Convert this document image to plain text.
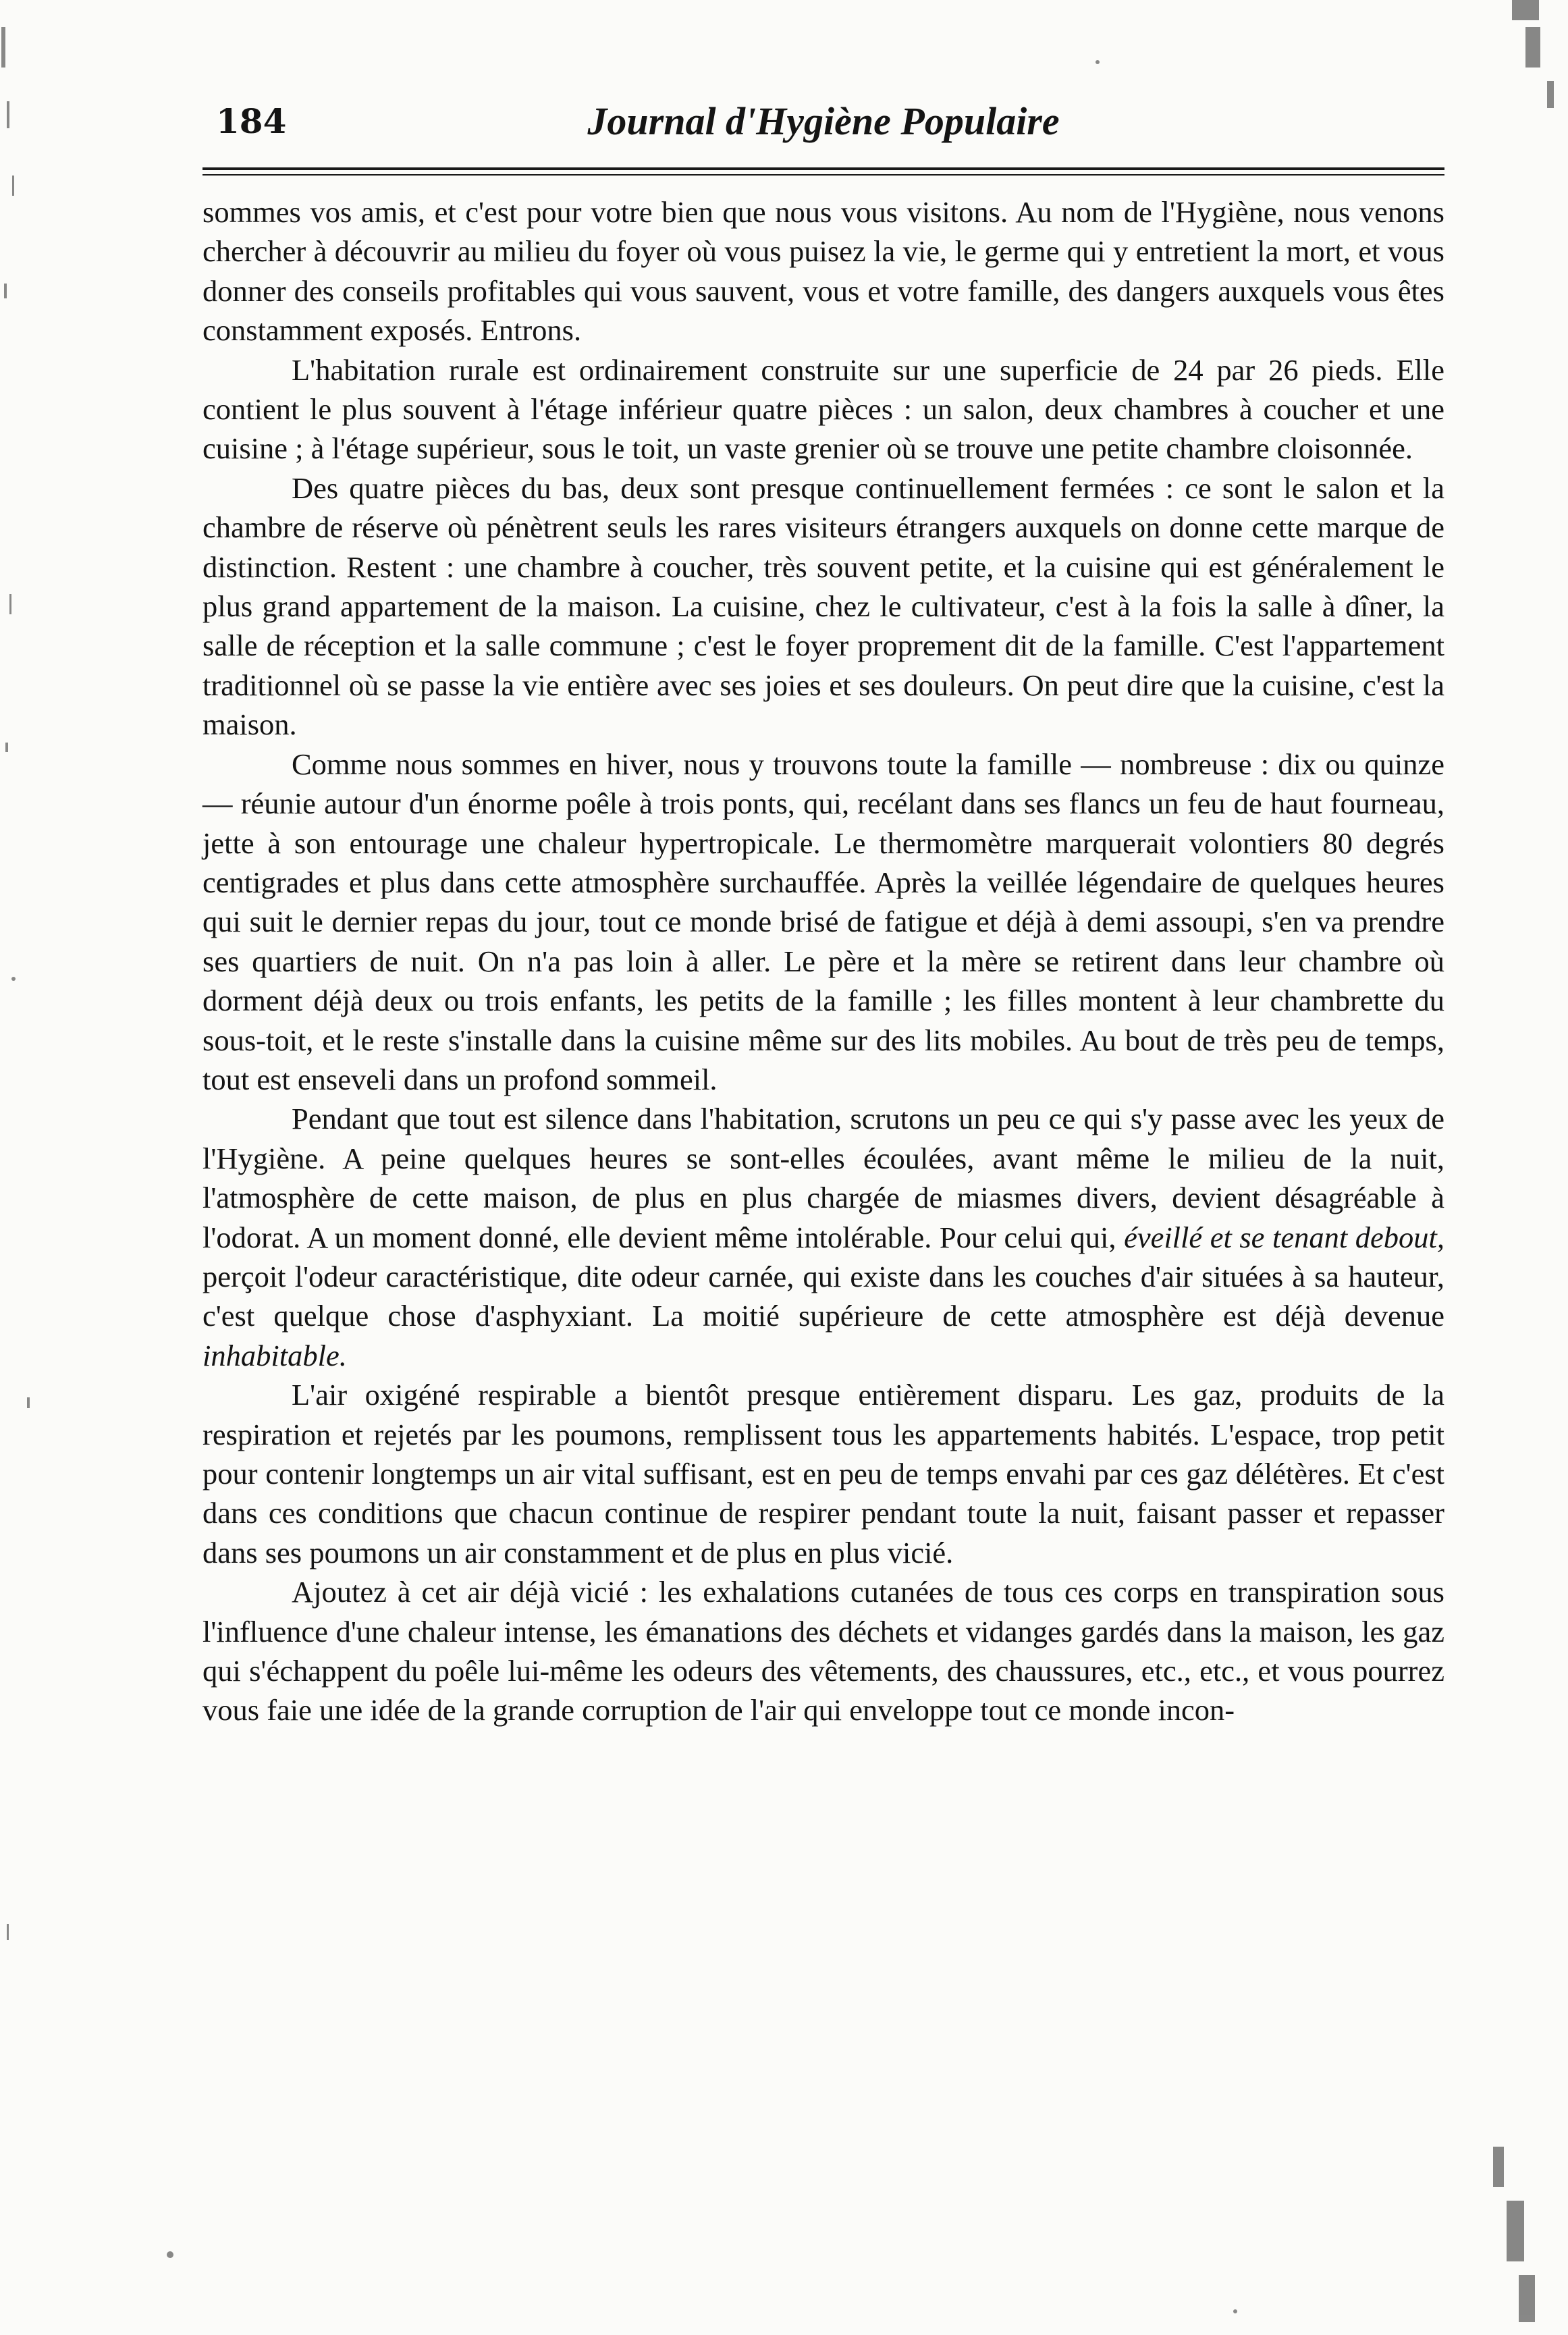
184	Journal d'Hygiène Populaire

sommes vos amis, et c'est pour votre bien que nous vous visitons. Au nom de l'Hygiène, nous venons chercher à découvrir au milieu du foyer où vous puisez la vie, le germe qui y entretient la mort, et vous donner des conseils profitables qui vous sauvent, vous et votre famille, des dangers auxquels vous êtes constamment exposés. Entrons.

L'habitation rurale est ordinairement construite sur une superficie de 24 par 26 pieds. Elle contient le plus souvent à l'étage inférieur quatre pièces : un salon, deux chambres à coucher et une cuisine ; à l'étage supérieur, sous le toit, un vaste grenier où se trouve une petite chambre cloisonnée.

Des quatre pièces du bas, deux sont presque continuellement fermées : ce sont le salon et la chambre de réserve où pénètrent seuls les rares visiteurs étrangers auxquels on donne cette marque de distinction. Restent : une chambre à coucher, très souvent petite, et la cuisine qui est généralement le plus grand appartement de la maison. La cuisine, chez le cultivateur, c'est à la fois la salle à dîner, la salle de réception et la salle commune ; c'est le foyer proprement dit de la famille. C'est l'appartement traditionnel où se passe la vie entière avec ses joies et ses douleurs. On peut dire que la cuisine, c'est la maison.

Comme nous sommes en hiver, nous y trouvons toute la famille — nombreuse : dix ou quinze — réunie autour d'un énorme poêle à trois ponts, qui, recélant dans ses flancs un feu de haut fourneau, jette à son entourage une chaleur hypertropicale. Le thermomètre marquerait volontiers 80 degrés centigrades et plus dans cette atmosphère surchauffée. Après la veillée légendaire de quelques heures qui suit le dernier repas du jour, tout ce monde brisé de fatigue et déjà à demi assoupi, s'en va prendre ses quartiers de nuit. On n'a pas loin à aller. Le père et la mère se retirent dans leur chambre où dorment déjà deux ou trois enfants, les petits de la famille ; les filles montent à leur chambrette du sous-toit, et le reste s'installe dans la cuisine même sur des lits mobiles. Au bout de très peu de temps, tout est enseveli dans un profond sommeil.

Pendant que tout est silence dans l'habitation, scrutons un peu ce qui s'y passe avec les yeux de l'Hygiène. A peine quelques heures se sont-elles écoulées, avant même le milieu de la nuit, l'atmosphère de cette maison, de plus en plus chargée de miasmes divers, devient désagréable à l'odorat. A un moment donné, elle devient même intolérable. Pour celui qui, éveillé et se tenant debout, perçoit l'odeur caractéristique, dite odeur carnée, qui existe dans les couches d'air situées à sa hauteur, c'est quelque chose d'asphyxiant. La moitié supérieure de cette atmosphère est déjà devenue inhabitable.

L'air oxigéné respirable a bientôt presque entièrement disparu. Les gaz, produits de la respiration et rejetés par les poumons, remplissent tous les appartements habités. L'espace, trop petit pour contenir longtemps un air vital suffisant, est en peu de temps envahi par ces gaz délétères. Et c'est dans ces conditions que chacun continue de respirer pendant toute la nuit, faisant passer et repasser dans ses poumons un air constamment et de plus en plus vicié.

Ajoutez à cet air déjà vicié : les exhalations cutanées de tous ces corps en transpiration sous l'influence d'une chaleur intense, les émanations des déchets et vidanges gardés dans la maison, les gaz qui s'échappent du poêle lui-même les odeurs des vêtements, des chaussures, etc., etc., et vous pourrez vous faie une idée de la grande corruption de l'air qui enveloppe tout ce monde incon-
